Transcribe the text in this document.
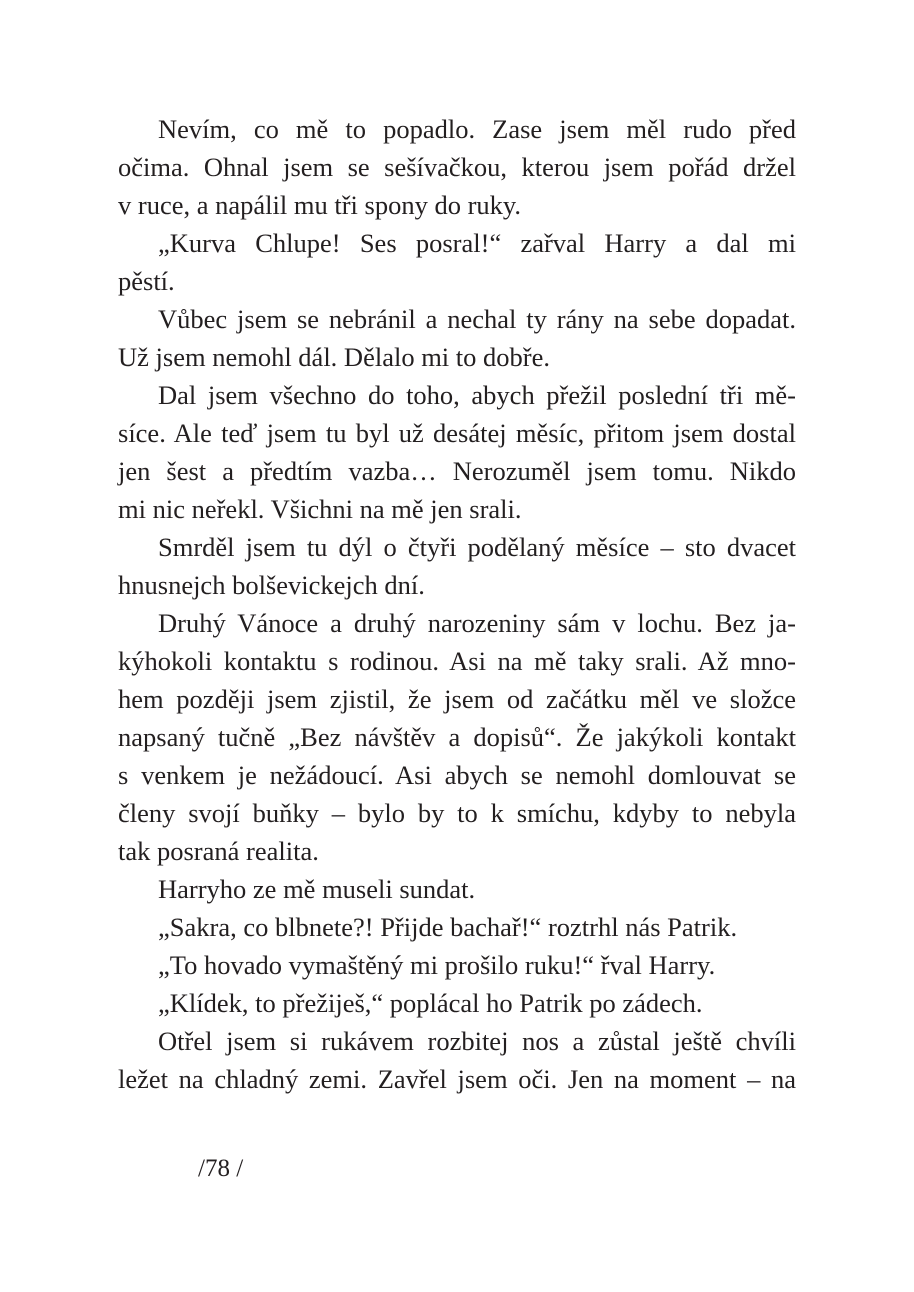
Nevím, co mě to popadlo. Zase jsem měl rudo před
očima. Ohnal jsem se sešívačkou, kterou jsem pořád držel
v ruce, a napálil mu tři spony do ruky.
„Kurva Chlupe! Ses posral!“ zařval Harry a dal mi
pěstí.
Vůbec jsem se nebránil a nechal ty rány na sebe dopadat.
Už jsem nemohl dál. Dělalo mi to dobře.
Dal jsem všechno do toho, abych přežil poslední tři mě-
síce. Ale teď jsem tu byl už desátej měsíc, přitom jsem dostal
jen šest a předtím vazba… Nerozuměl jsem tomu. Nikdo
mi nic neřekl. Všichni na mě jen srali.
Smrděl jsem tu dýl o čtyři podělaný měsíce – sto dvacet
hnusnejch bolševickejch dní.
Druhý Vánoce a druhý narozeniny sám v lochu. Bez ja-
kýhokoli kontaktu s rodinou. Asi na mě taky srali. Až mno-
hem později jsem zjistil, že jsem od začátku měl ve složce
napsaný tučně „Bez návštěv a dopisů“. Že jakýkoli kontakt
s venkem je nežádoucí. Asi abych se nemohl domlouvat se
členy svojí buňky – bylo by to k smíchu, kdyby to nebyla
tak posraná realita.
Harryho ze mě museli sundat.
„Sakra, co blbnete?! Přijde bachař!“ roztrhl nás Patrik.
„To hovado vymaštěný mi prošilo ruku!“ řval Harry.
„Klídek, to přežiješ,“ poplácal ho Patrik po zádech.
Otřel jsem si rukávem rozbitej nos a zůstal ještě chvíli
ležet na chladný zemi. Zavřel jsem oči. Jen na moment – na
/78 /
